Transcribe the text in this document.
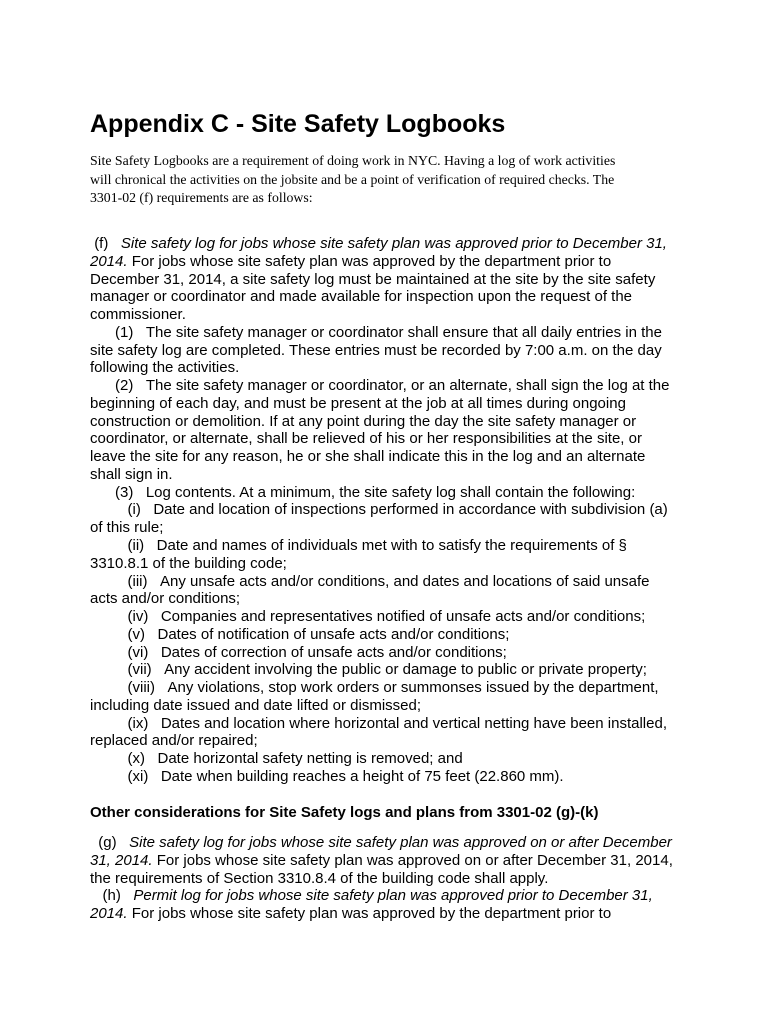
Appendix C - Site Safety Logbooks
Site Safety Logbooks are a requirement of doing work in NYC. Having a log of work activities
will chronical the activities on the jobsite and be a point of verification of required checks. The
3301-02 (f) requirements are as follows:
(f) Site safety log for jobs whose site safety plan was approved prior to December 31,
2014. For jobs whose site safety plan was approved by the department prior to
December 31, 2014, a site safety log must be maintained at the site by the site safety
manager or coordinator and made available for inspection upon the request of the
commissioner.
(1) The site safety manager or coordinator shall ensure that all daily entries in the
site safety log are completed. These entries must be recorded by 7:00 a.m. on the day
following the activities.
(2) The site safety manager or coordinator, or an alternate, shall sign the log at the
beginning of each day, and must be present at the job at all times during ongoing
construction or demolition. If at any point during the day the site safety manager or
coordinator, or alternate, shall be relieved of his or her responsibilities at the site, or
leave the site for any reason, he or she shall indicate this in the log and an alternate
shall sign in.
(3) Log contents. At a minimum, the site safety log shall contain the following:
(i) Date and location of inspections performed in accordance with subdivision (a)
of this rule;
(ii) Date and names of individuals met with to satisfy the requirements of §
3310.8.1 of the building code;
(iii) Any unsafe acts and/or conditions, and dates and locations of said unsafe
acts and/or conditions;
(iv) Companies and representatives notified of unsafe acts and/or conditions;
(v) Dates of notification of unsafe acts and/or conditions;
(vi) Dates of correction of unsafe acts and/or conditions;
(vii) Any accident involving the public or damage to public or private property;
(viii) Any violations, stop work orders or summonses issued by the department,
including date issued and date lifted or dismissed;
(ix) Dates and location where horizontal and vertical netting have been installed,
replaced and/or repaired;
(x) Date horizontal safety netting is removed; and
(xi) Date when building reaches a height of 75 feet (22.860 mm).
Other considerations for Site Safety logs and plans from 3301-02 (g)-(k)
(g) Site safety log for jobs whose site safety plan was approved on or after December
31, 2014. For jobs whose site safety plan was approved on or after December 31, 2014,
the requirements of Section 3310.8.4 of the building code shall apply.
(h) Permit log for jobs whose site safety plan was approved prior to December 31,
2014. For jobs whose site safety plan was approved by the department prior to
